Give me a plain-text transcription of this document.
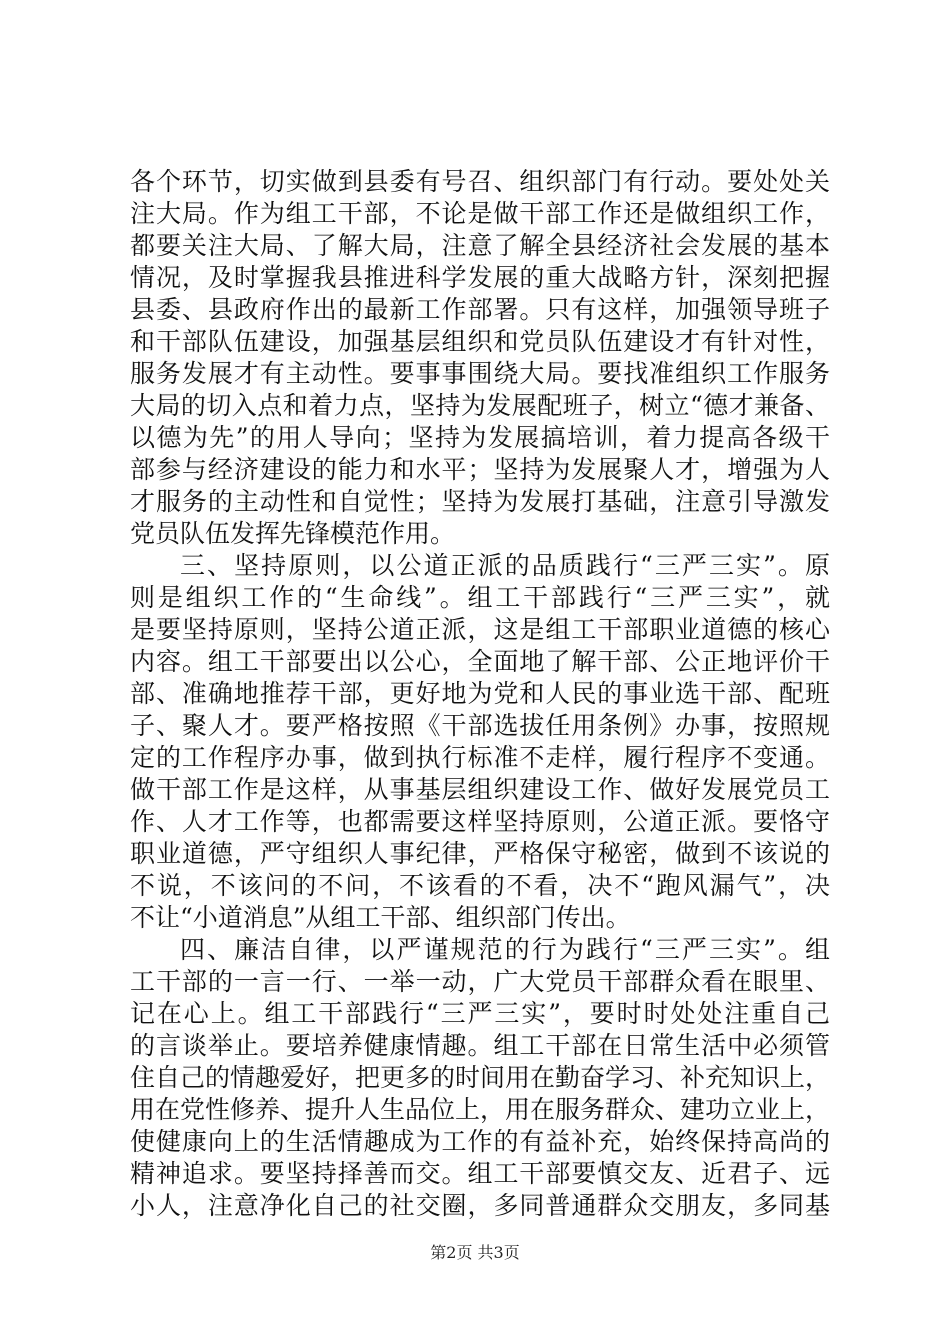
各个环节，切实做到县委有号召、组织部门有行动。要处处关
注大局。作为组工干部，不论是做干部工作还是做组织工作，
都要关注大局、了解大局，注意了解全县经济社会发展的基本
情况，及时掌握我县推进科学发展的重大战略方针，深刻把握
县委、县政府作出的最新工作部署。只有这样，加强领导班子
和干部队伍建设，加强基层组织和党员队伍建设才有针对性，
服务发展才有主动性。要事事围绕大局。要找准组织工作服务
大局的切入点和着力点，坚持为发展配班子，树立“德才兼备、
以德为先”的用人导向；坚持为发展搞培训，着力提高各级干
部参与经济建设的能力和水平；坚持为发展聚人才，增强为人
才服务的主动性和自觉性；坚持为发展打基础，注意引导激发
党员队伍发挥先锋模范作用。
三、坚持原则，以公道正派的品质践行“三严三实”。原
则是组织工作的“生命线”。组工干部践行“三严三实”，就
是要坚持原则，坚持公道正派，这是组工干部职业道德的核心
内容。组工干部要出以公心，全面地了解干部、公正地评价干
部、准确地推荐干部，更好地为党和人民的事业选干部、配班
子、聚人才。要严格按照《干部选拔任用条例》办事，按照规
定的工作程序办事，做到执行标准不走样，履行程序不变通。
做干部工作是这样，从事基层组织建设工作、做好发展党员工
作、人才工作等，也都需要这样坚持原则，公道正派。要恪守
职业道德，严守组织人事纪律，严格保守秘密，做到不该说的
不说，不该问的不问，不该看的不看，决不“跑风漏气”，决
不让“小道消息”从组工干部、组织部门传出。
四、廉洁自律，以严谨规范的行为践行“三严三实”。组
工干部的一言一行、一举一动，广大党员干部群众看在眼里、
记在心上。组工干部践行“三严三实”，要时时处处注重自己
的言谈举止。要培养健康情趣。组工干部在日常生活中必须管
住自己的情趣爱好，把更多的时间用在勤奋学习、补充知识上，
用在党性修养、提升人生品位上，用在服务群众、建功立业上，
使健康向上的生活情趣成为工作的有益补充，始终保持高尚的
精神追求。要坚持择善而交。组工干部要慎交友、近君子、远
小人，注意净化自己的社交圈，多同普通群众交朋友，多同基
第2页 共3页
